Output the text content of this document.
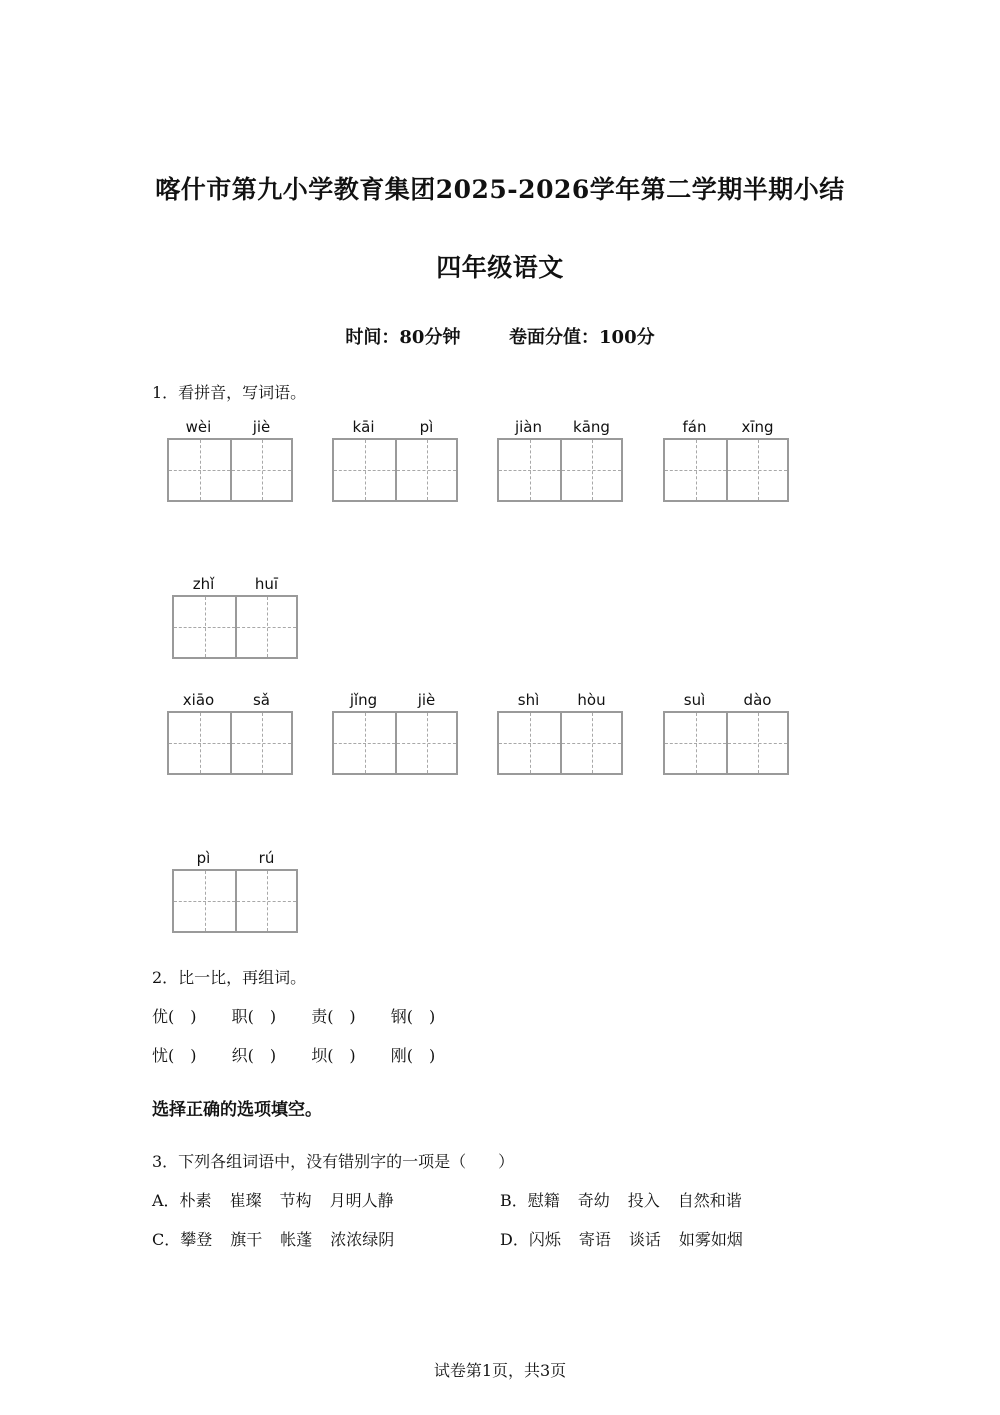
喀什市第九小学教育集团2025-2026学年第二学期半期小结
四年级语文
时间：80分钟	卷面分值：100分
1．看拼音，写词语。
wèi	jiè	kāi	pì	jiàn	kāng	fán	xīng
zhǐ	huī
xiāo	sǎ	jǐng	jiè	shì	hòu	suì	dào
pì	rú
2．比一比，再组词。
优(　) 职(　) 责(　) 钢(　)
忧(　) 织(　) 坝(　) 刚(　)
选择正确的选项填空。
3．下列各组词语中，没有错别字的一项是（　　）
A．朴素 崔璨 节构 月明人静	B．慰籍 奇幼 投入 自然和谐
C．攀登 旗干 帐蓬 浓浓绿阴	D．闪烁 寄语 谈话 如雾如烟
试卷第1页，共3页
